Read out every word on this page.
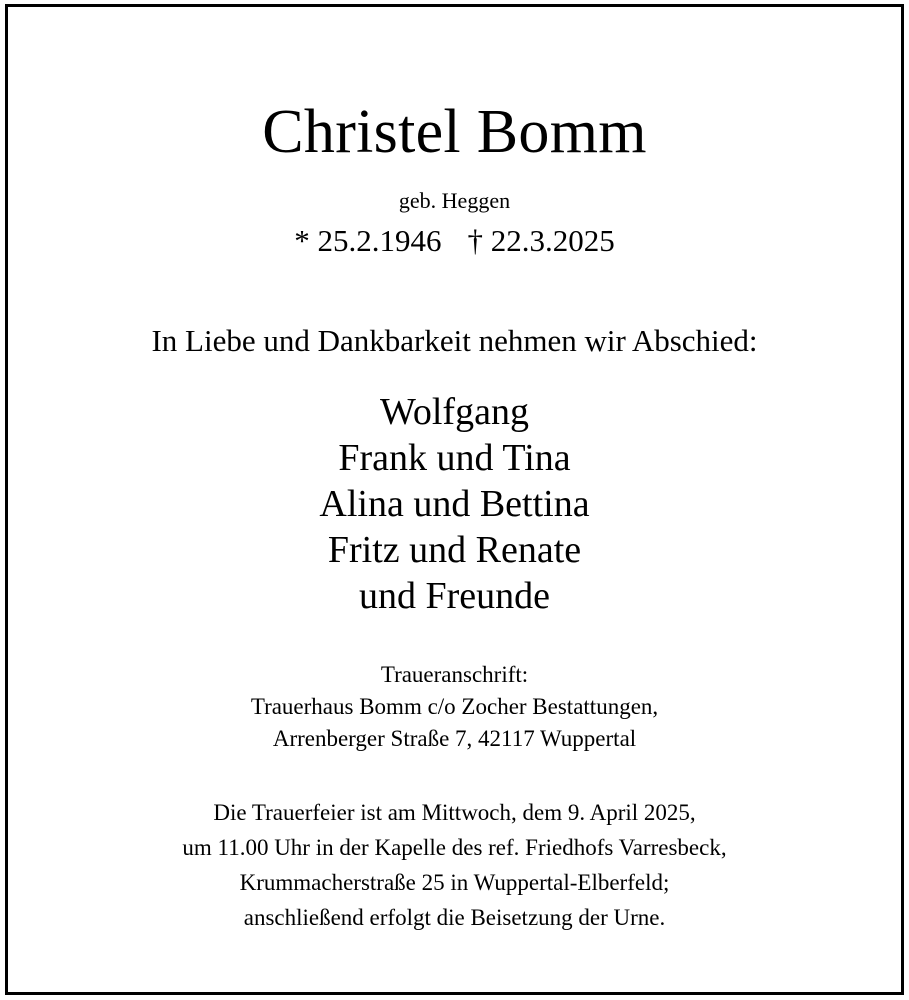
Christel Bomm
geb. Heggen
* 25.2.1946 † 22.3.2025
In Liebe und Dankbarkeit nehmen wir Abschied:
Wolfgang
Frank und Tina
Alina und Bettina
Fritz und Renate
und Freunde
Traueranschrift:
Trauerhaus Bomm c/o Zocher Bestattungen,
Arrenberger Straße 7, 42117 Wuppertal
Die Trauerfeier ist am Mittwoch, dem 9. April 2025,
um 11.00 Uhr in der Kapelle des ref. Friedhofs Varresbeck,
Krummacherstraße 25 in Wuppertal-Elberfeld;
anschließend erfolgt die Beisetzung der Urne.
